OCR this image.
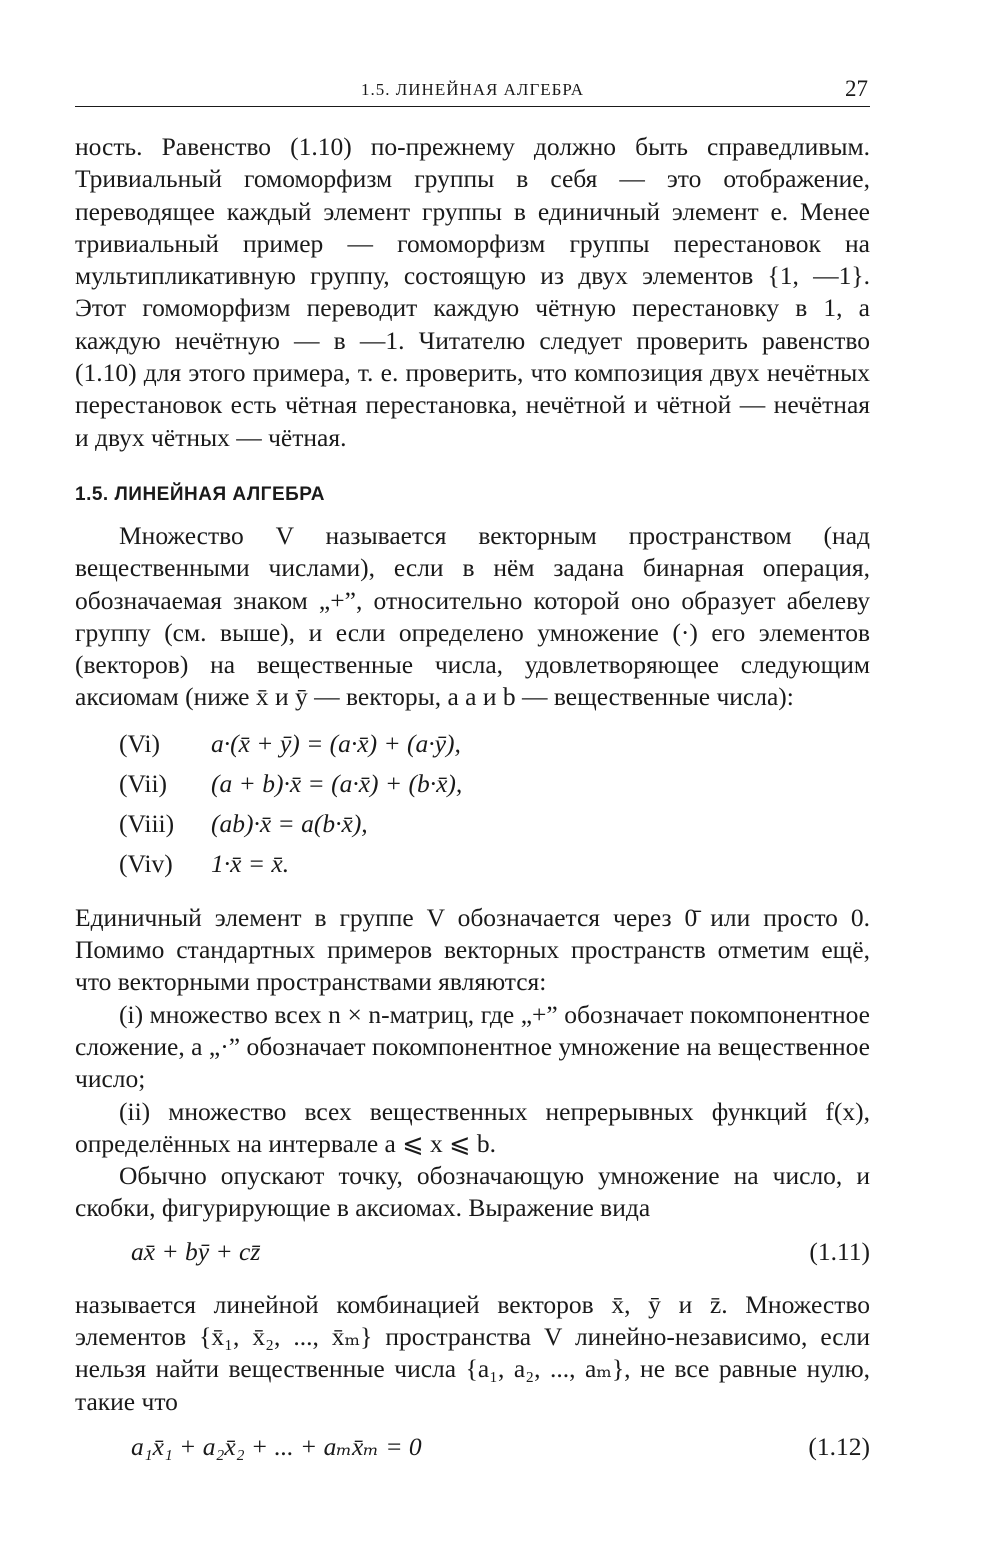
1.5. ЛИНЕЙНАЯ АЛГЕБРА	27

ность. Равенство (1.10) по-прежнему должно быть справедливым. Тривиальный гомоморфизм группы в себя — это отображение, переводящее каждый элемент группы в единичный элемент e. Менее тривиальный пример — гомоморфизм группы перестановок на мультипликативную группу, состоящую из двух элементов {1, —1}. Этот гомоморфизм переводит каждую чётную перестановку в 1, а каждую нечётную — в —1. Читателю следует проверить равенство (1.10) для этого примера, т. е. проверить, что композиция двух нечётных перестановок есть чётная перестановка, нечётной и чётной — нечётная и двух чётных — чётная.

1.5. ЛИНЕЙНАЯ АЛГЕБРА

Множество V называется векторным пространством (над вещественными числами), если в нём задана бинарная операция, обозначаемая знаком „+”, относительно которой оно образует абелеву группу (см. выше), и если определено умножение (·) его элементов (векторов) на вещественные числа, удовлетворяющее следующим аксиомам (ниже x̄ и ȳ — векторы, а a и b — вещественные числа):

(Vi)	a·(x̄ + ȳ) = (a·x̄) + (a·ȳ),
(Vii)	(a + b)·x̄ = (a·x̄) + (b·x̄),
(Viii)	(ab)·x̄ = a(b·x̄),
(Viv)	1·x̄ = x̄.

Единичный элемент в группе V обозначается через 0̄ или просто 0. Помимо стандартных примеров векторных пространств отметим ещё, что векторными пространствами являются:

(i) множество всех n × n-матриц, где „+” обозначает покомпонентное сложение, а „·” обозначает покомпонентное умножение на вещественное число;

(ii) множество всех вещественных непрерывных функций f(x), определённых на интервале a ⩽ x ⩽ b.

Обычно опускают точку, обозначающую умножение на число, и скобки, фигурирующие в аксиомах. Выражение вида

ax̄ + bȳ + cz̄	(1.11)

называется линейной комбинацией векторов x̄, ȳ и z̄. Множество элементов {x̄₁, x̄₂, ..., x̄ₘ} пространства V линейно-независимо, если нельзя найти вещественные числа {a₁, a₂, ..., aₘ}, не все равные нулю, такие что

a₁x̄₁ + a₂x̄₂ + ... + aₘx̄ₘ = 0	(1.12)
